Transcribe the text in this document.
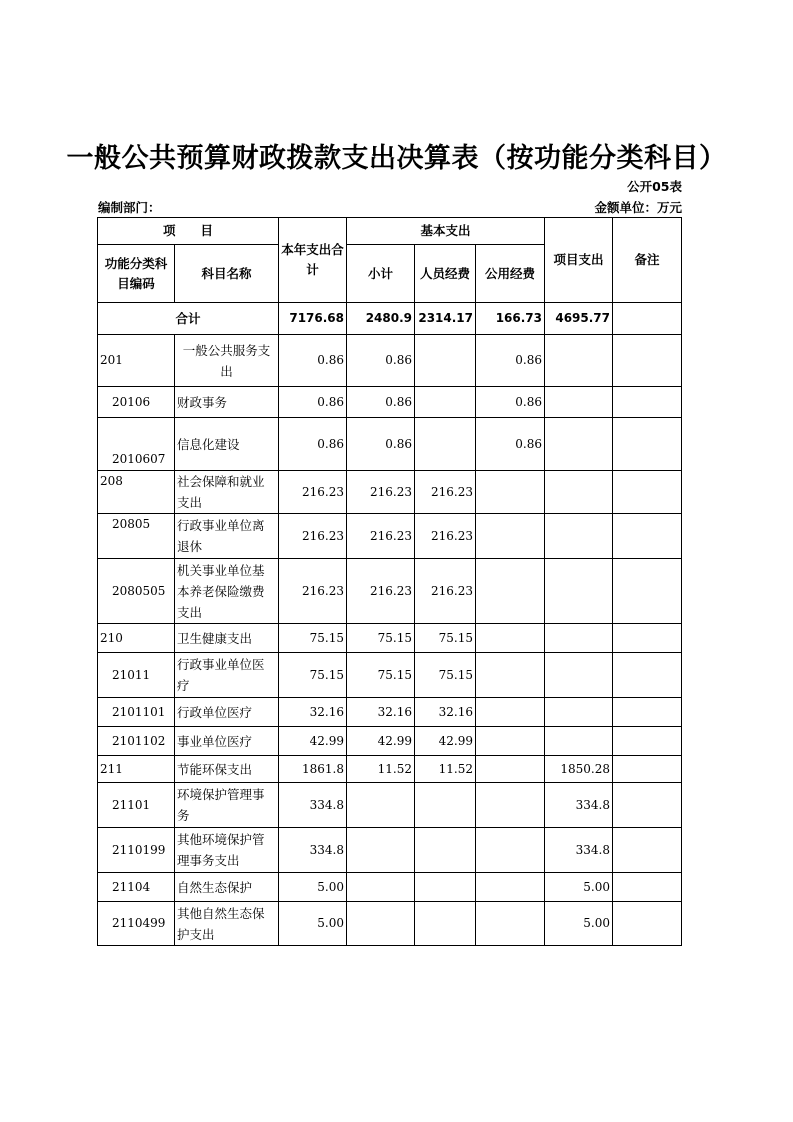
一般公共预算财政拨款支出决算表（按功能分类科目）
公开05表
编制部门：	金额单位：万元
项　　目		本年支出合计	基本支出			项目支出	备注
功能分类科目编码	科目名称		小计	人员经费	公用经费		
合计		7176.68	2480.9	2314.17	166.73	4695.77	
201	一般公共服务支出	0.86	0.86		0.86		
20106	财政事务	0.86	0.86		0.86		
2010607	信息化建设	0.86	0.86		0.86		
208	社会保障和就业支出	216.23	216.23	216.23			
20805	行政事业单位离退休	216.23	216.23	216.23			
2080505	机关事业单位基本养老保险缴费支出	216.23	216.23	216.23			
210	卫生健康支出	75.15	75.15	75.15			
21011	行政事业单位医疗	75.15	75.15	75.15			
2101101	行政单位医疗	32.16	32.16	32.16			
2101102	事业单位医疗	42.99	42.99	42.99			
211	节能环保支出	1861.8	11.52	11.52		1850.28	
21101	环境保护管理事务	334.8				334.8	
2110199	其他环境保护管理事务支出	334.8				334.8	
21104	自然生态保护	5.00				5.00	
2110499	其他自然生态保护支出	5.00				5.00	
